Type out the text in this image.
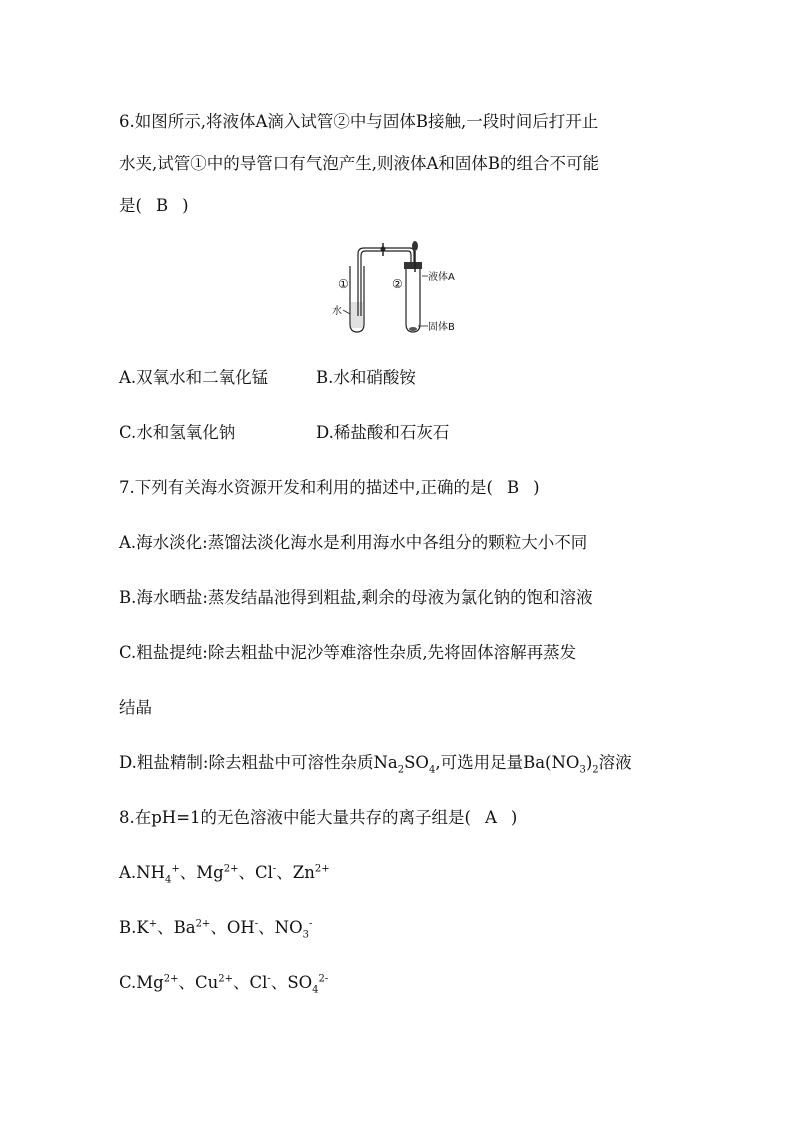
6.如图所示,将液体A滴入试管②中与固体B接触,一段时间后打开止
水夹,试管①中的导管口有气泡产生,则液体A和固体B的组合不可能
是( B )
①	②
水
液体A
固体B
A.双氧水和二氧化锰	B.水和硝酸铵
C.水和氢氧化钠	D.稀盐酸和石灰石
7.下列有关海水资源开发和利用的描述中,正确的是( B )
A.海水淡化:蒸馏法淡化海水是利用海水中各组分的颗粒大小不同
B.海水晒盐:蒸发结晶池得到粗盐,剩余的母液为氯化钠的饱和溶液
C.粗盐提纯:除去粗盐中泥沙等难溶性杂质,先将固体溶解再蒸发
结晶
D.粗盐精制:除去粗盐中可溶性杂质$Na_2SO_4$,可选用足量$Ba(NO_3)_2$溶液
8.在pH=1的无色溶液中能大量共存的离子组是( A )
$A.NH_4^+$、$Mg^{2+}$、Cl-、$Zn^{2+}$
B.K+、$Ba^{2+}$、OH-、$NO_3^-$
$C.Mg^{2+}$、$Cu^{2+}$、Cl-、$SO_4^{2-}$
